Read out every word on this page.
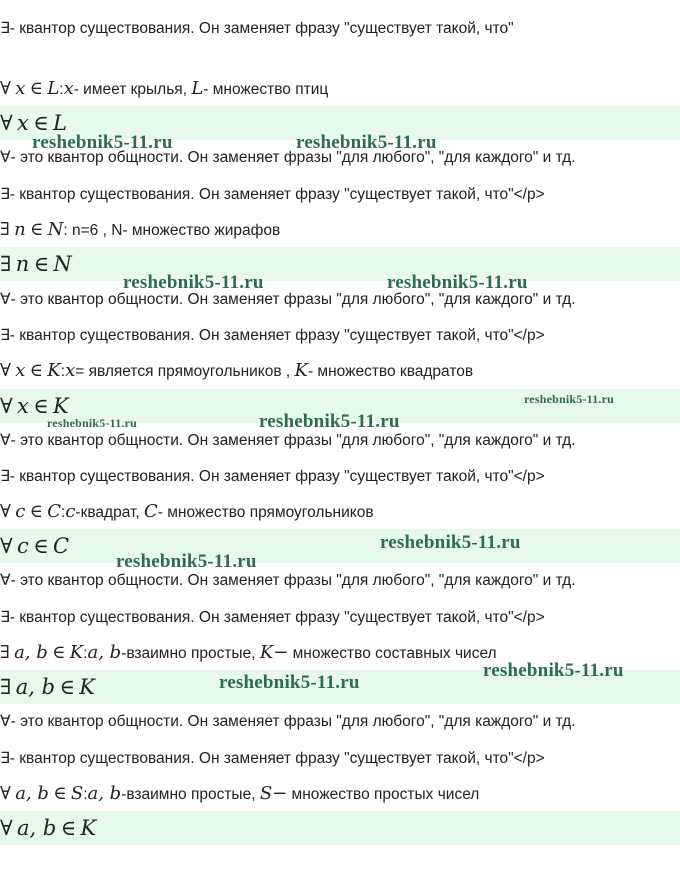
∃- квантор существования. Он заменяет фразу "существует такой, что"
∀ x ∈ L:x- имеет крылья, L- множество птиц
∀ x ∈ L
∀- это квантор общности. Он заменяет фразы "для любого", "для каждого" и тд.
∃- квантор существования. Он заменяет фразу "существует такой, что"</p>
∃ n ∈ N: n=6 , N- множество жирафов
∃ n ∈ N
∀- это квантор общности. Он заменяет фразы "для любого", "для каждого" и тд.
∃- квантор существования. Он заменяет фразу "существует такой, что"</p>
∀ x ∈ K:x= является прямоугольников , K- множество квадратов
∀ x ∈ K
∀- это квантор общности. Он заменяет фразы "для любого", "для каждого" и тд.
∃- квантор существования. Он заменяет фразу "существует такой, что"</p>
∀ c ∈ C:c-квадрат, C- множество прямоугольников
∀ c ∈ C
∀- это квантор общности. Он заменяет фразы "для любого", "для каждого" и тд.
∃- квантор существования. Он заменяет фразу "существует такой, что"</p>
∃ a, b ∈ K:a, b-взаимно простые, K− множество составных чисел
∃ a, b ∈ K
∀- это квантор общности. Он заменяет фразы "для любого", "для каждого" и тд.
∃- квантор существования. Он заменяет фразу "существует такой, что"</p>
∀ a, b ∈ S:a, b-взаимно простые, S− множество простых чисел
∀ a, b ∈ K
reshebnik5-11.ru	reshebnik5-11.ru
reshebnik5-11.ru	reshebnik5-11.ru
reshebnik5-11.ru
reshebnik5-11.ru	reshebnik5-11.ru
reshebnik5-11.ru
reshebnik5-11.ru
reshebnik5-11.ru
reshebnik5-11.ru
